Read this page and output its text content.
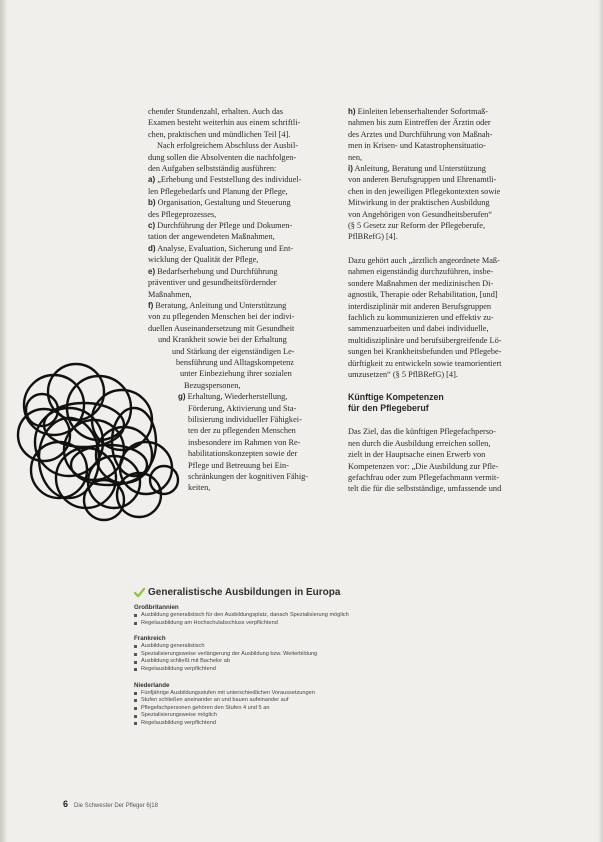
chender Stundenzahl, erhalten. Auch das
Examen besteht weiterhin aus einem schriftli-
chen, praktischen und mündlichen Teil [4].
Nach erfolgreichem Abschluss der Ausbil-
dung sollen die Absolventen die nachfolgen-
den Aufgaben selbstständig ausführen:
a) „Erhebung und Feststellung des individuel-
len Pflegebedarfs und Planung der Pflege,
b) Organisation, Gestaltung und Steuerung
des Pflegeprozesses,
c) Durchführung der Pflege und Dokumen-
tation der angewendeten Maßnahmen,
d) Analyse, Evaluation, Sicherung und Ent-
wicklung der Qualität der Pflege,
e) Bedarfserhebung und Durchführung
präventiver und gesundheitsfördernder
Maßnahmen,
f) Beratung, Anleitung und Unterstützung
von zu pflegenden Menschen bei der indivi-
duellen Auseinandersetzung mit Gesundheit
und Krankheit sowie bei der Erhaltung
und Stärkung der eigenständigen Le-
bensführung und Alltagskompetenz
unter Einbeziehung ihrer sozialen
Bezugspersonen,
g) Erhaltung, Wiederherstellung,
Förderung, Aktivierung und Sta-
bilisierung individueller Fähigkei-
ten der zu pflegenden Menschen
insbesondere im Rahmen von Re-
habilitationskonzepten sowie der
Pflege und Betreuung bei Ein-
schränkungen der kognitiven Fähig-
keiten,
h) Einleiten lebenserhaltender Sofortmaß-
nahmen bis zum Eintreffen der Ärztin oder
des Arztes und Durchführung von Maßnah-
men in Krisen- und Katastrophensituatio-
nen,
i) Anleitung, Beratung und Unterstützung
von anderen Berufsgruppen und Ehrenamtli-
chen in den jeweiligen Pflegekontexten sowie
Mitwirkung in der praktischen Ausbildung
von Angehörigen von Gesundheitsberufen“
(§ 5 Gesetz zur Reform der Pflegeberufe,
PflBRefG) [4].
Dazu gehört auch „ärztlich angeordnete Maß-
nahmen eigenständig durchzuführen, insbe-
sondere Maßnahmen der medizinischen Di-
agnostik, Therapie oder Rehabilitation, [und]
interdisziplinär mit anderen Berufsgruppen
fachlich zu kommunizieren und effektiv zu-
sammenzuarbeiten und dabei individuelle,
multidisziplinäre und berufsübergreifende Lö-
sungen bei Krankheitsbefunden und Pflegebe-
dürftigkeit zu entwickeln sowie teamorientiert
umzusetzen“ (§ 5 PflBRefG) [4].
Künftige Kompetenzen
für den Pflegeberuf
Das Ziel, das die künftigen Pflegefachperso-
nen durch die Ausbildung erreichen sollen,
zielt in der Hauptsache einen Erwerb von
Kompetenzen vor: „Die Ausbildung zur Pfle-
gefachfrau oder zum Pflegefachmann vermit-
telt die für die selbstständige, umfassende und
Generalistische Ausbildungen in Europa
Großbritannien
Ausbildung generalistisch für den Ausbildungsplatz, danach Spezialisierung möglich
Regelausbildung am Hochschulabschluss verpflichtend
Frankreich
Ausbildung generalistisch
Spezialisierungsweise verlängerung der Ausbildung bzw. Weiterbildung
Ausbildung schließt mit Bachelor ab
Regelausbildung verpflichtend
Niederlande
Fünfjährige Ausbildungsstufen mit unterschiedlichen Voraussetzungen
Stufen schließen aneinander an und bauen aufeinander auf
Pflegefachpersonen gehören den Stufen 4 und 5 an
Spezialisierungsweise möglich
Regelausbildung verpflichtend
6 Die Schwester Der Pfleger 6|18
